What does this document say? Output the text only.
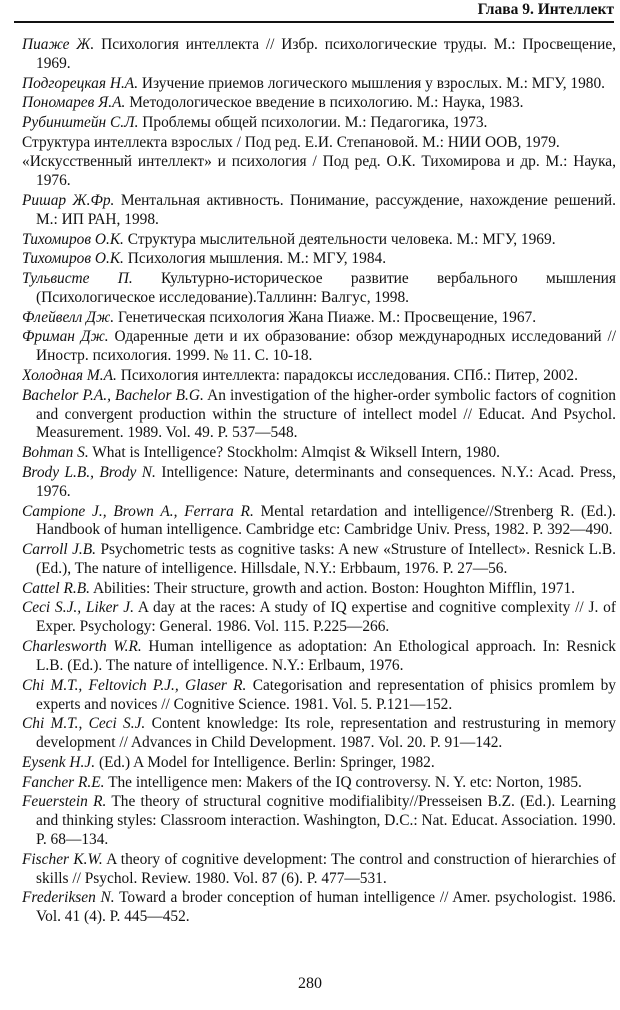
Глава 9. Интеллект

Пиаже Ж. Психология интеллекта // Избр. психологические труды. М.: Просвещение, 1969.

Подгорецкая Н.А. Изучение приемов логического мышления у взрослых. М.: МГУ, 1980.

Пономарев Я.А. Методологическое введение в психологию. М.: Наука, 1983.

Рубинштейн С.Л. Проблемы общей психологии. М.: Педагогика, 1973.

Структура интеллекта взрослых / Под ред. Е.И. Степановой. М.: НИИ ООВ, 1979.

«Искусственный интеллект» и психология / Под ред. О.К. Тихомирова и др. М.: Наука, 1976.

Ришар Ж.Фр. Ментальная активность. Понимание, рассуждение, нахождение решений. М.: ИП РАН, 1998.

Тихомиров О.К. Структура мыслительной деятельности человека. М.: МГУ, 1969.

Тихомиров О.К. Психология мышления. М.: МГУ, 1984.

Тульвисте П. Культурно-историческое развитие вербального мышления (Психологическое исследование).Таллинн: Валгус, 1998.

Флейвелл Дж. Генетическая психология Жана Пиаже. М.: Просвещение, 1967.

Фриман Дж. Одаренные дети и их образование: обзор международных исследований // Иностр. психология. 1999. № 11. С. 10-18.

Холодная М.А. Психология интеллекта: парадоксы исследования. СПб.: Питер, 2002.

Bachelor P.A., Bachelor B.G. An investigation of the higher-order symbolic factors of cognition and convergent production within the structure of intellect model // Educat. And Psychol. Measurement. 1989. Vol. 49. P. 537—548.

Bohman S. What is Intelligence? Stockholm: Almqist & Wiksell Intern, 1980.

Brody L.B., Brody N. Intelligence: Nature, determinants and consequences. N.Y.: Acad. Press, 1976.

Campione J., Brown A., Ferrara R. Mental retardation and intelligence//Strenberg R. (Ed.). Handbook of human intelligence. Cambridge etc: Cambridge Univ. Press, 1982. P. 392—490.

Carroll J.B. Psychometric tests as cognitive tasks: A new «Strusture of Intellect». Resnick L.B. (Ed.), The nature of intelligence. Hillsdale, N.Y.: Erbbaum, 1976. P. 27—56.

Cattel R.B. Abilities: Their structure, growth and action. Boston: Houghton Mifflin, 1971.

Ceci S.J., Liker J. A day at the races: A study of IQ expertise and cognitive complexity // J. of Exper. Psychology: General. 1986. Vol. 115. P.225—266.

Charlesworth W.R. Human intelligence as adoptation: An Ethological approach. In: Resnick L.B. (Ed.). The nature of intelligence. N.Y.: Erlbaum, 1976.

Chi M.T., Feltovich P.J., Glaser R. Categorisation and representation of phisics promlem by experts and novices // Cognitive Science. 1981. Vol. 5. P.121—152.

Chi M.T., Ceci S.J. Content knowledge: Its role, representation and restrusturing in memory development // Advances in Child Development. 1987. Vol. 20. P. 91—142.

Eysenk H.J. (Ed.) A Model for Intelligence. Berlin: Springer, 1982.

Fancher R.E. The intelligence men: Makers of the IQ controversy. N. Y. etc: Norton, 1985.

Feuerstein R. The theory of structural cognitive modifialibity//Presseisen B.Z. (Ed.). Learning and thinking styles: Classroom interaction. Washington, D.C.: Nat. Educat. Association. 1990. P. 68—134.

Fischer K.W. A theory of cognitive development: The control and construction of hierarchies of skills // Psychol. Review. 1980. Vol. 87 (6). P. 477—531.

Frederiksen N. Toward a broder conception of human intelligence // Amer. psychologist. 1986. Vol. 41 (4). P. 445—452.

280
